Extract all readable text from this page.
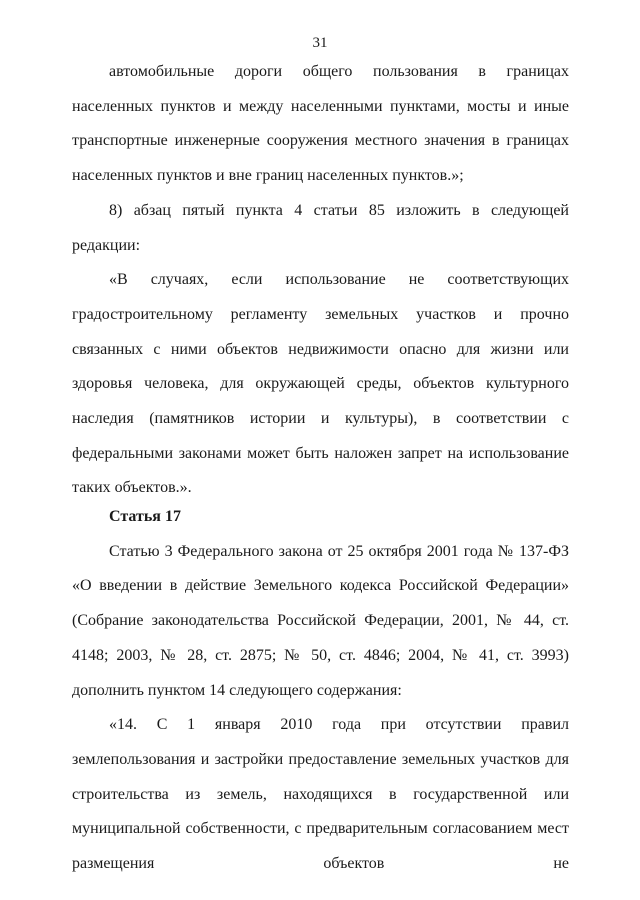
31

автомобильные дороги общего пользования в границах населенных пунктов и между населенными пунктами, мосты и иные транспортные инженерные сооружения местного значения в границах населенных пунктов и вне границ населенных пунктов.»;

8) абзац пятый пункта 4 статьи 85 изложить в следующей редакции:

«В случаях, если использование не соответствующих градостроительному регламенту земельных участков и прочно связанных с ними объектов недвижимости опасно для жизни или здоровья человека, для окружающей среды, объектов культурного наследия (памятников истории и культуры), в соответствии с федеральными законами может быть наложен запрет на использование таких объектов.».

Статья 17

Статью 3 Федерального закона от 25 октября 2001 года № 137-ФЗ «О введении в действие Земельного кодекса Российской Федерации» (Собрание законодательства Российской Федерации, 2001, № 44, ст. 4148; 2003, № 28, ст. 2875; № 50, ст. 4846; 2004, № 41, ст. 3993) дополнить пунктом 14 следующего содержания:

«14. С 1 января 2010 года при отсутствии правил землепользования и застройки предоставление земельных участков для строительства из земель, находящихся в государственной или муниципальной собственности, с предварительным согласованием мест размещения объектов не
